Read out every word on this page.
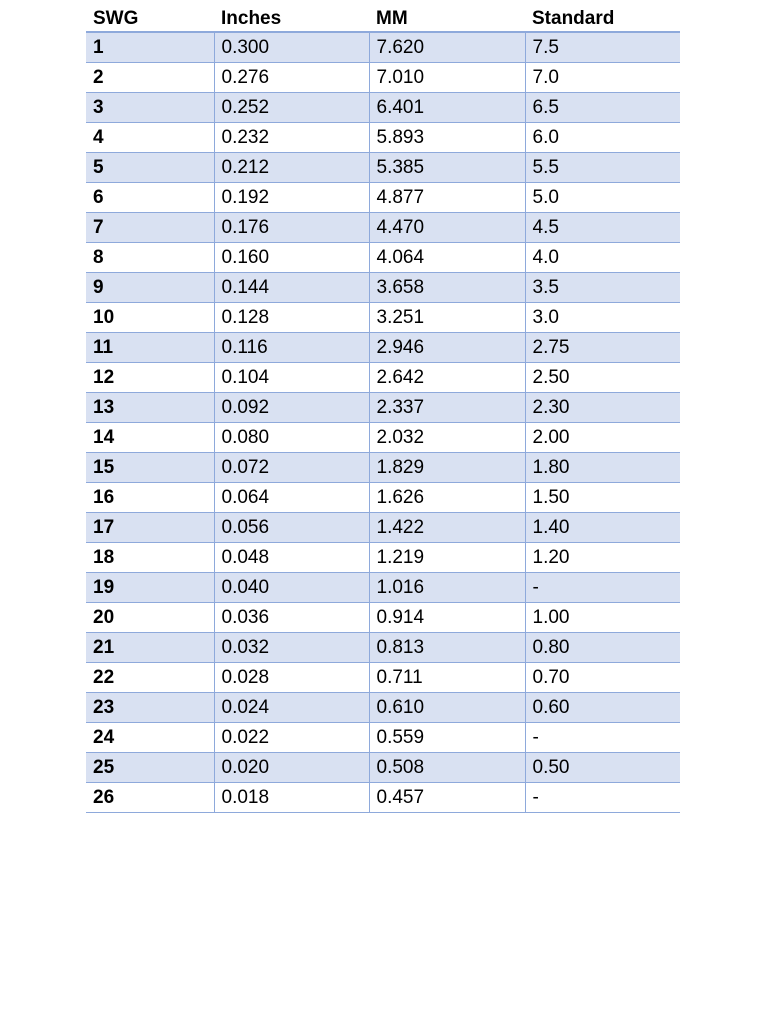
SWG	Inches	MM	Standard
1	0.300	7.620	7.5
2	0.276	7.010	7.0
3	0.252	6.401	6.5
4	0.232	5.893	6.0
5	0.212	5.385	5.5
6	0.192	4.877	5.0
7	0.176	4.470	4.5
8	0.160	4.064	4.0
9	0.144	3.658	3.5
10	0.128	3.251	3.0
11	0.116	2.946	2.75
12	0.104	2.642	2.50
13	0.092	2.337	2.30
14	0.080	2.032	2.00
15	0.072	1.829	1.80
16	0.064	1.626	1.50
17	0.056	1.422	1.40
18	0.048	1.219	1.20
19	0.040	1.016	-
20	0.036	0.914	1.00
21	0.032	0.813	0.80
22	0.028	0.711	0.70
23	0.024	0.610	0.60
24	0.022	0.559	-
25	0.020	0.508	0.50
26	0.018	0.457	-
